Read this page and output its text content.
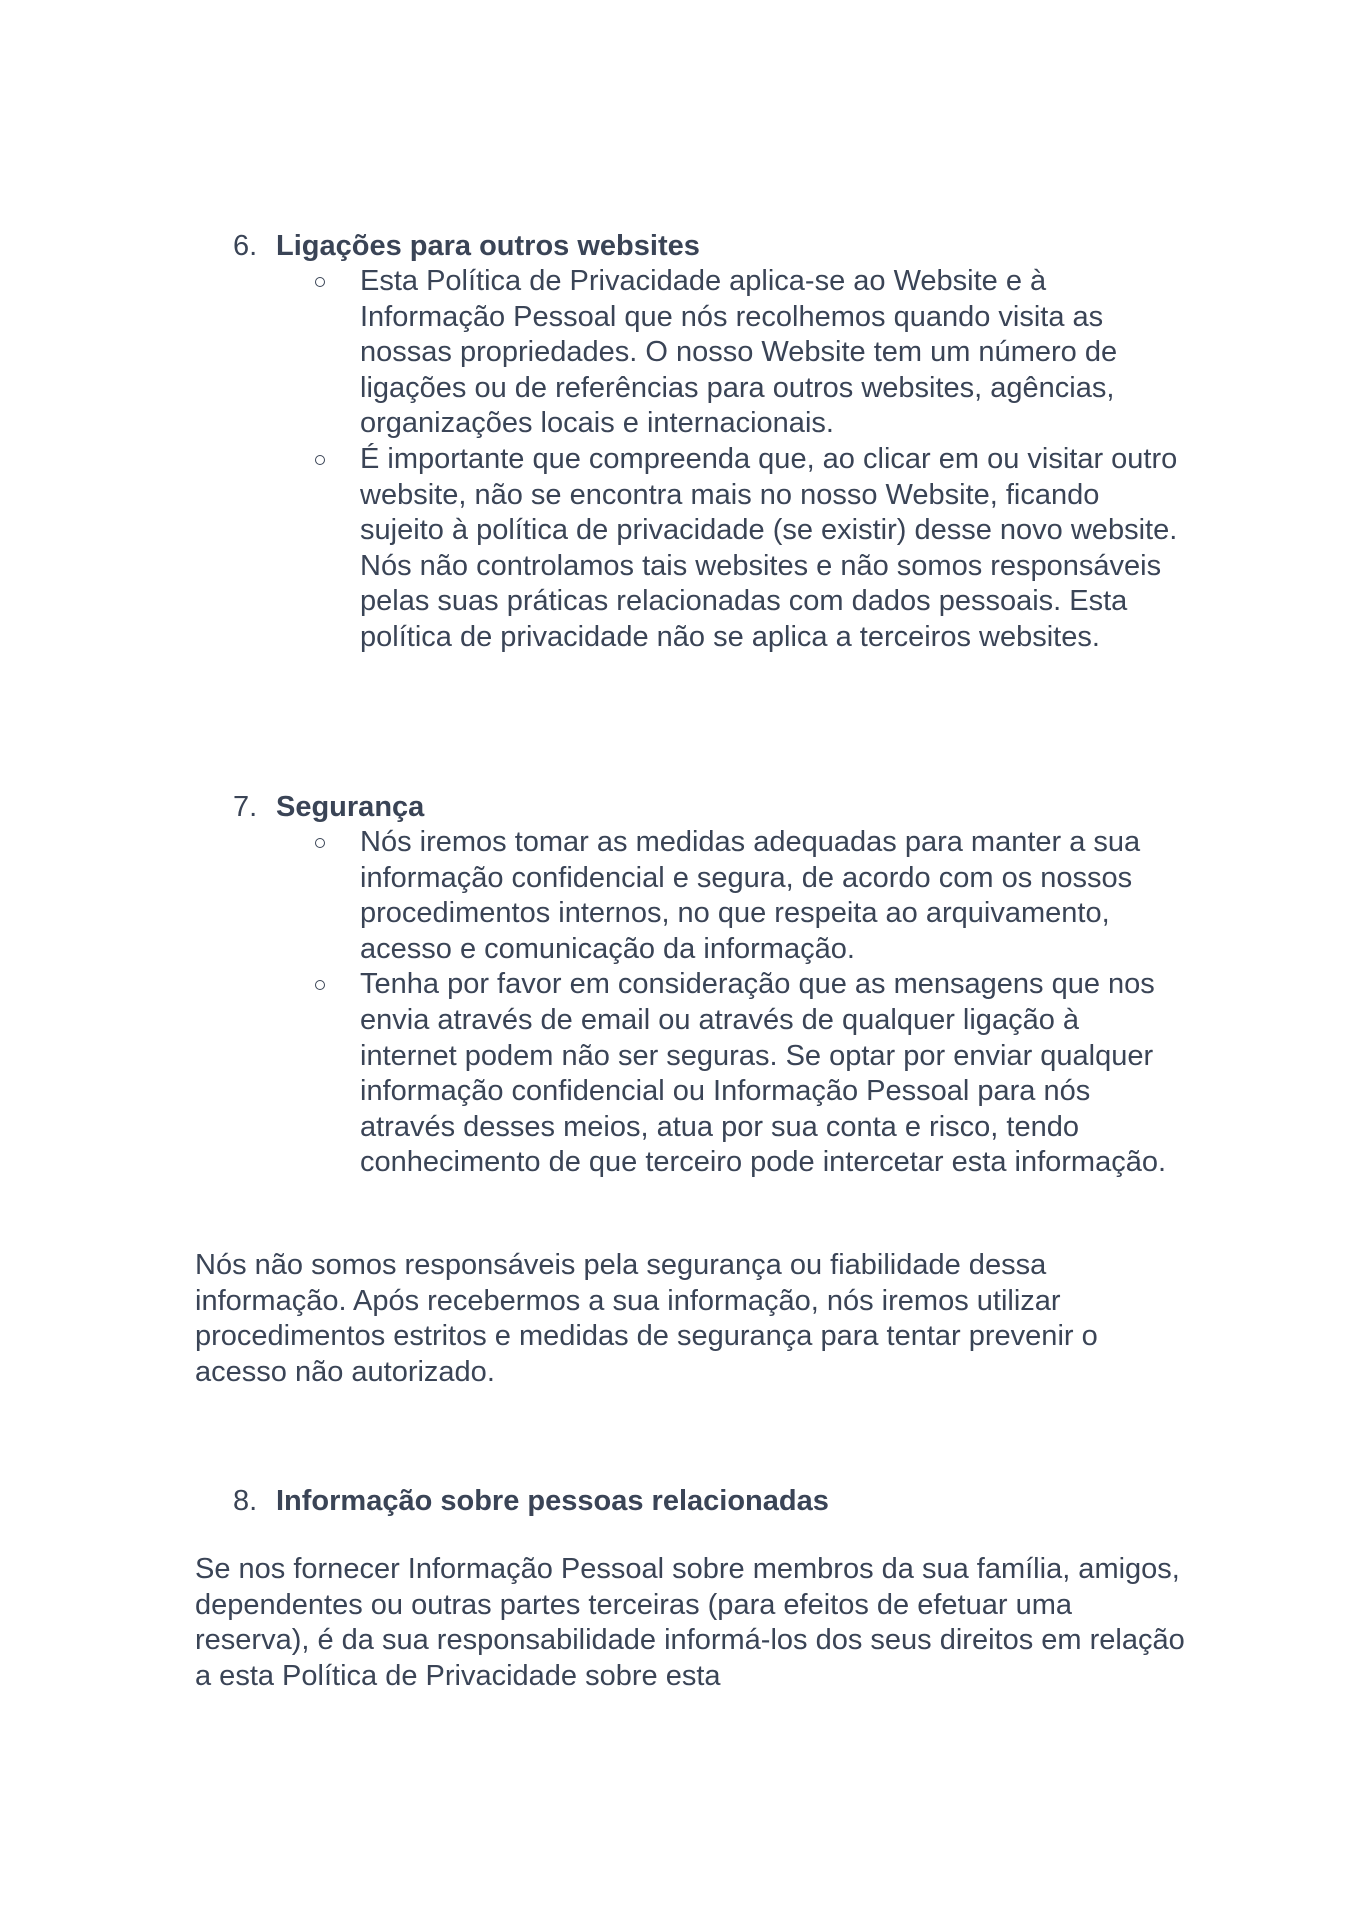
6. Ligações para outros websites
Esta Política de Privacidade aplica-se ao Website e à Informação Pessoal que nós recolhemos quando visita as nossas propriedades. O nosso Website tem um número de ligações ou de referências para outros websites, agências, organizações locais e internacionais.
É importante que compreenda que, ao clicar em ou visitar outro website, não se encontra mais no nosso Website, ficando sujeito à política de privacidade (se existir) desse novo website. Nós não controlamos tais websites e não somos responsáveis pelas suas práticas relacionadas com dados pessoais. Esta política de privacidade não se aplica a terceiros websites.
7. Segurança
Nós iremos tomar as medidas adequadas para manter a sua informação confidencial e segura, de acordo com os nossos procedimentos internos, no que respeita ao arquivamento, acesso e comunicação da informação.
Tenha por favor em consideração que as mensagens que nos envia através de email ou através de qualquer ligação à internet podem não ser seguras. Se optar por enviar qualquer informação confidencial ou Informação Pessoal para nós através desses meios, atua por sua conta e risco, tendo conhecimento de que terceiro pode intercetar esta informação.
Nós não somos responsáveis pela segurança ou fiabilidade dessa informação. Após recebermos a sua informação, nós iremos utilizar procedimentos estritos e medidas de segurança para tentar prevenir o acesso não autorizado.
8. Informação sobre pessoas relacionadas
Se nos fornecer Informação Pessoal sobre membros da sua família, amigos, dependentes ou outras partes terceiras (para efeitos de efetuar uma reserva), é da sua responsabilidade informá-los dos seus direitos em relação a esta Política de Privacidade sobre esta
